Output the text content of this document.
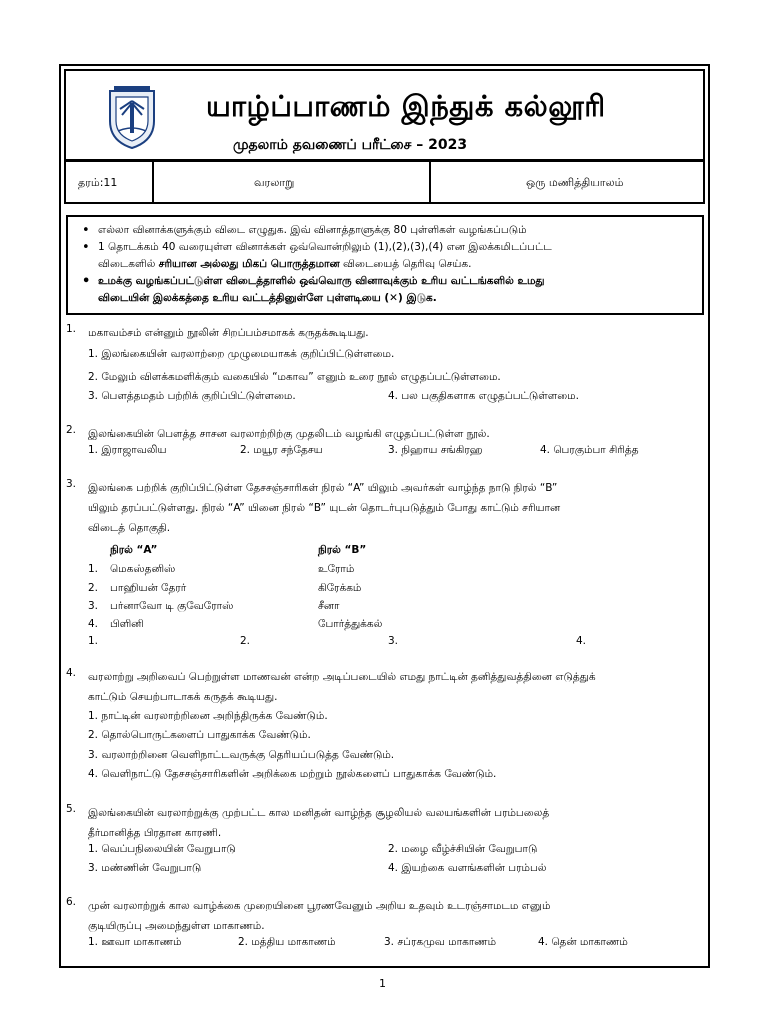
யாழ்ப்பாணம் இந்துக் கல்லூரி
முதலாம் தவணைப் பரீட்சை – 2023
தரம்:11	வரலாறு	ஒரு மணித்தியாலம்
• எல்லா வினாக்களுக்கும் விடை எழுதுக. இவ் வினாத்தாளுக்கு 80 புள்ளிகள் வழங்கப்படும்
• 1 தொடக்கம் 40 வரையுள்ள வினாக்கள் ஒவ்வொன்றிலும் (1),(2),(3),(4) என இலக்கமிடப்பட்ட
விடைகளில் சரியான அல்லது மிகப் பொருத்தமான விடையைத் தெரிவு செய்க.
• உமக்கு வழங்கப்பட்டுள்ள விடைத்தாளில் ஒவ்வொரு வினாவுக்கும் உரிய வட்டங்களில் உமது
விடையின் இலக்கத்தை உரிய வட்டத்தினுள்ளே புள்ளடியை (✕) இடுக.
1. மகாவம்சம் என்னும் நூலின் சிறப்பம்சமாகக் கருதக்கூடியது.
1. இலங்கையின் வரலாற்றை முழுமையாகக் குறிப்பிட்டுள்ளமை.
2. மேலும் விளக்கமளிக்கும் வகையில் “மகாவ” எனும் உரை நூல் எழுதப்பட்டுள்ளமை.
3. பௌத்தமதம் பற்றிக் குறிப்பிட்டுள்ளமை.	4. பல பகுதிகளாக எழுதப்பட்டுள்ளமை.
2. இலங்கையின் பௌத்த சாசன வரலாற்றிற்கு முதலிடம் வழங்கி எழுதப்பட்டுள்ள நூல்.
1. இராஜாவலிய	2. மயூர சந்தேசய	3. நிஹாய சங்கிரஹ	4. பெரகும்பா சிரித்த
3. இலங்கை பற்றிக் குறிப்பிட்டுள்ள தேசசஞ்சாரிகள் நிரல் “A” யிலும் அவர்கள் வாழ்ந்த நாடு நிரல் “B”
யிலும் தரப்பட்டுள்ளது. நிரல் “A” யினை நிரல் “B” யுடன் தொடர்புபடுத்தும் போது காட்டும் சரியான
விடைத் தொகுதி.
நிரல் “A”	நிரல் “B”
1. மெகஸ்தனிஸ்	உரோம்
2. பாஹியன் தேரர்	கிரேக்கம்
3. பர்னாவோ டி குவேரோஸ்	சீனா
4. பிளினி	போர்த்துக்கல்
1.	2.	3.	4.
4. வரலாற்று அறிவைப் பெற்றுள்ள மாணவன் என்ற அடிப்படையில் எமது நாட்டின் தனித்துவத்தினை எடுத்துக்
காட்டும் செயற்பாடாகக் கருதக் கூடியது.
1. நாட்டின் வரலாற்றினை அறிந்திருக்க வேண்டும்.
2. தொல்பொருட்களைப் பாதுகாக்க வேண்டும்.
3. வரலாற்றினை வெளிநாட்டவருக்கு தெரியப்படுத்த வேண்டும்.
4. வெளிநாட்டு தேசசஞ்சாரிகளின் அறிக்கை மற்றும் நூல்களைப் பாதுகாக்க வேண்டும்.
5. இலங்கையின் வரலாற்றுக்கு முற்பட்ட கால மனிதன் வாழ்ந்த சூழலியல் வலயங்களின் பரம்பலைத்
தீர்மானித்த பிரதான காரணி.
1. வெப்பநிலையின் வேறுபாடு	2. மழை வீழ்ச்சியின் வேறுபாடு
3. மண்ணின் வேறுபாடு	4. இயற்கை வளங்களின் பரம்பல்
6. முன் வரலாற்றுக் கால வாழ்க்கை முறையினை பூரணவேனும் அறிய உதவும் உடரஞ்சாமடம எனும்
குடியிருப்பு அமைந்துள்ள மாகாணம்.
1. ஊவா மாகாணம்	2. மத்திய மாகாணம்	3. சப்ரகமுவ மாகாணம்	4. தென் மாகாணம்
1
